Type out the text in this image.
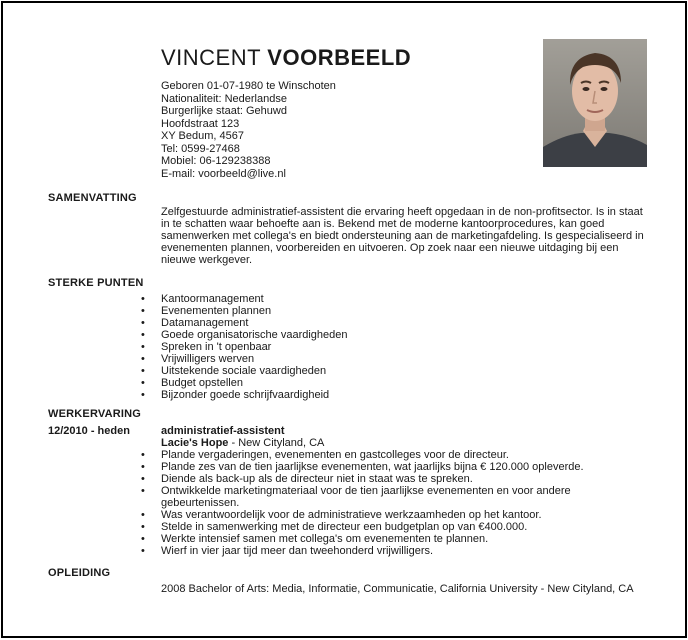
VINCENT VOORBEELD
Geboren 01-07-1980 te Winschoten
Nationaliteit: Nederlandse
Burgerlijke staat: Gehuwd
Hoofdstraat 123
XY Bedum, 4567
Tel: 0599-27468
Mobiel: 06-129238388
E-mail: voorbeeld@live.nl
SAMENVATTING
Zelfgestuurde administratief-assistent die ervaring heeft opgedaan in de non-profitsector. Is in staat in te schatten waar behoefte aan is. Bekend met de moderne kantoorprocedures, kan goed samenwerken met collega's en biedt ondersteuning aan de marketingafdeling. Is gespecialiseerd in evenementen plannen, voorbereiden en uitvoeren. Op zoek naar een nieuwe uitdaging bij een nieuwe werkgever.
STERKE PUNTEN
• Kantoormanagement
• Evenementen plannen
• Datamanagement
• Goede organisatorische vaardigheden
• Spreken in 't openbaar
• Vrijwilligers werven
• Uitstekende sociale vaardigheden
• Budget opstellen
• Bijzonder goede schrijfvaardigheid
WERKERVARING
12/2010 - heden	administratief-assistent
Lacie's Hope - New Cityland, CA
• Plande vergaderingen, evenementen en gastcolleges voor de directeur.
• Plande zes van de tien jaarlijkse evenementen, wat jaarlijks bijna € 120.000 opleverde.
• Diende als back-up als de directeur niet in staat was te spreken.
• Ontwikkelde marketingmateriaal voor de tien jaarlijkse evenementen en voor andere gebeurtenissen.
• Was verantwoordelijk voor de administratieve werkzaamheden op het kantoor.
• Stelde in samenwerking met de directeur een budgetplan op van €400.000.
• Werkte intensief samen met collega's om evenementen te plannen.
• Wierf in vier jaar tijd meer dan tweehonderd vrijwilligers.
OPLEIDING
2008 Bachelor of Arts: Media, Informatie, Communicatie, California University - New Cityland, CA
